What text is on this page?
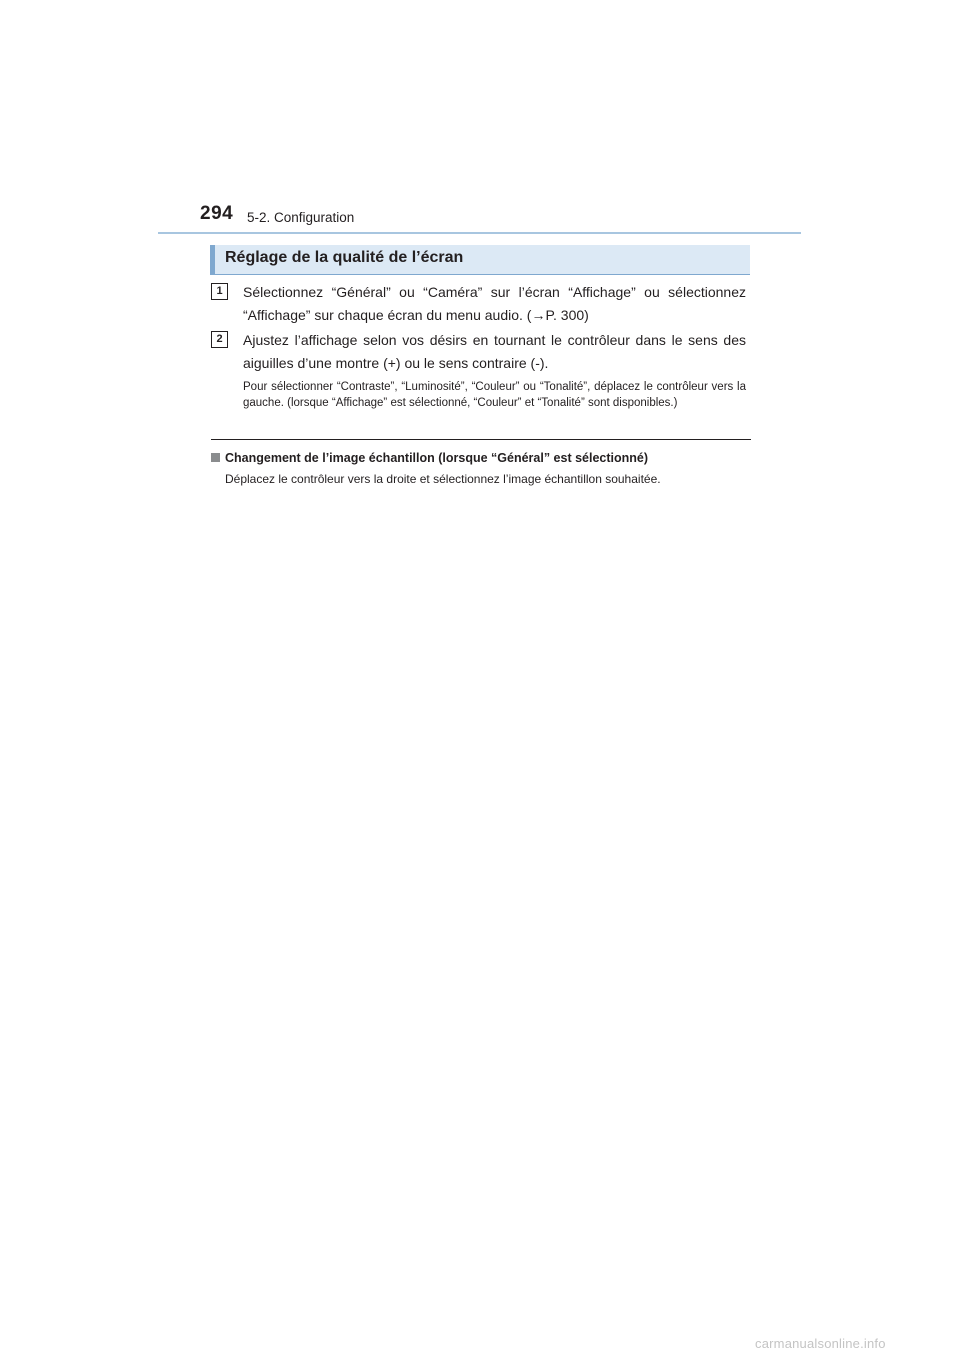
294 5-2. Configuration
Réglage de la qualité de l’écran
1	Sélectionnez “Général” ou “Caméra” sur l’écran “Affichage” ou sélectionnez “Affichage” sur chaque écran du menu audio. (→P. 300)
2	Ajustez l’affichage selon vos désirs en tournant le contrôleur dans le sens des aiguilles d’une montre (+) ou le sens contraire (-).
Pour sélectionner “Contraste”, “Luminosité”, “Couleur” ou “Tonalité”, déplacez le contrôleur vers la gauche. (lorsque “Affichage” est sélectionné, “Couleur” et “Tonalité” sont disponibles.)
Changement de l’image échantillon (lorsque “Général” est sélectionné)
Déplacez le contrôleur vers la droite et sélectionnez l’image échantillon souhaitée.
carmanualsonline.info
